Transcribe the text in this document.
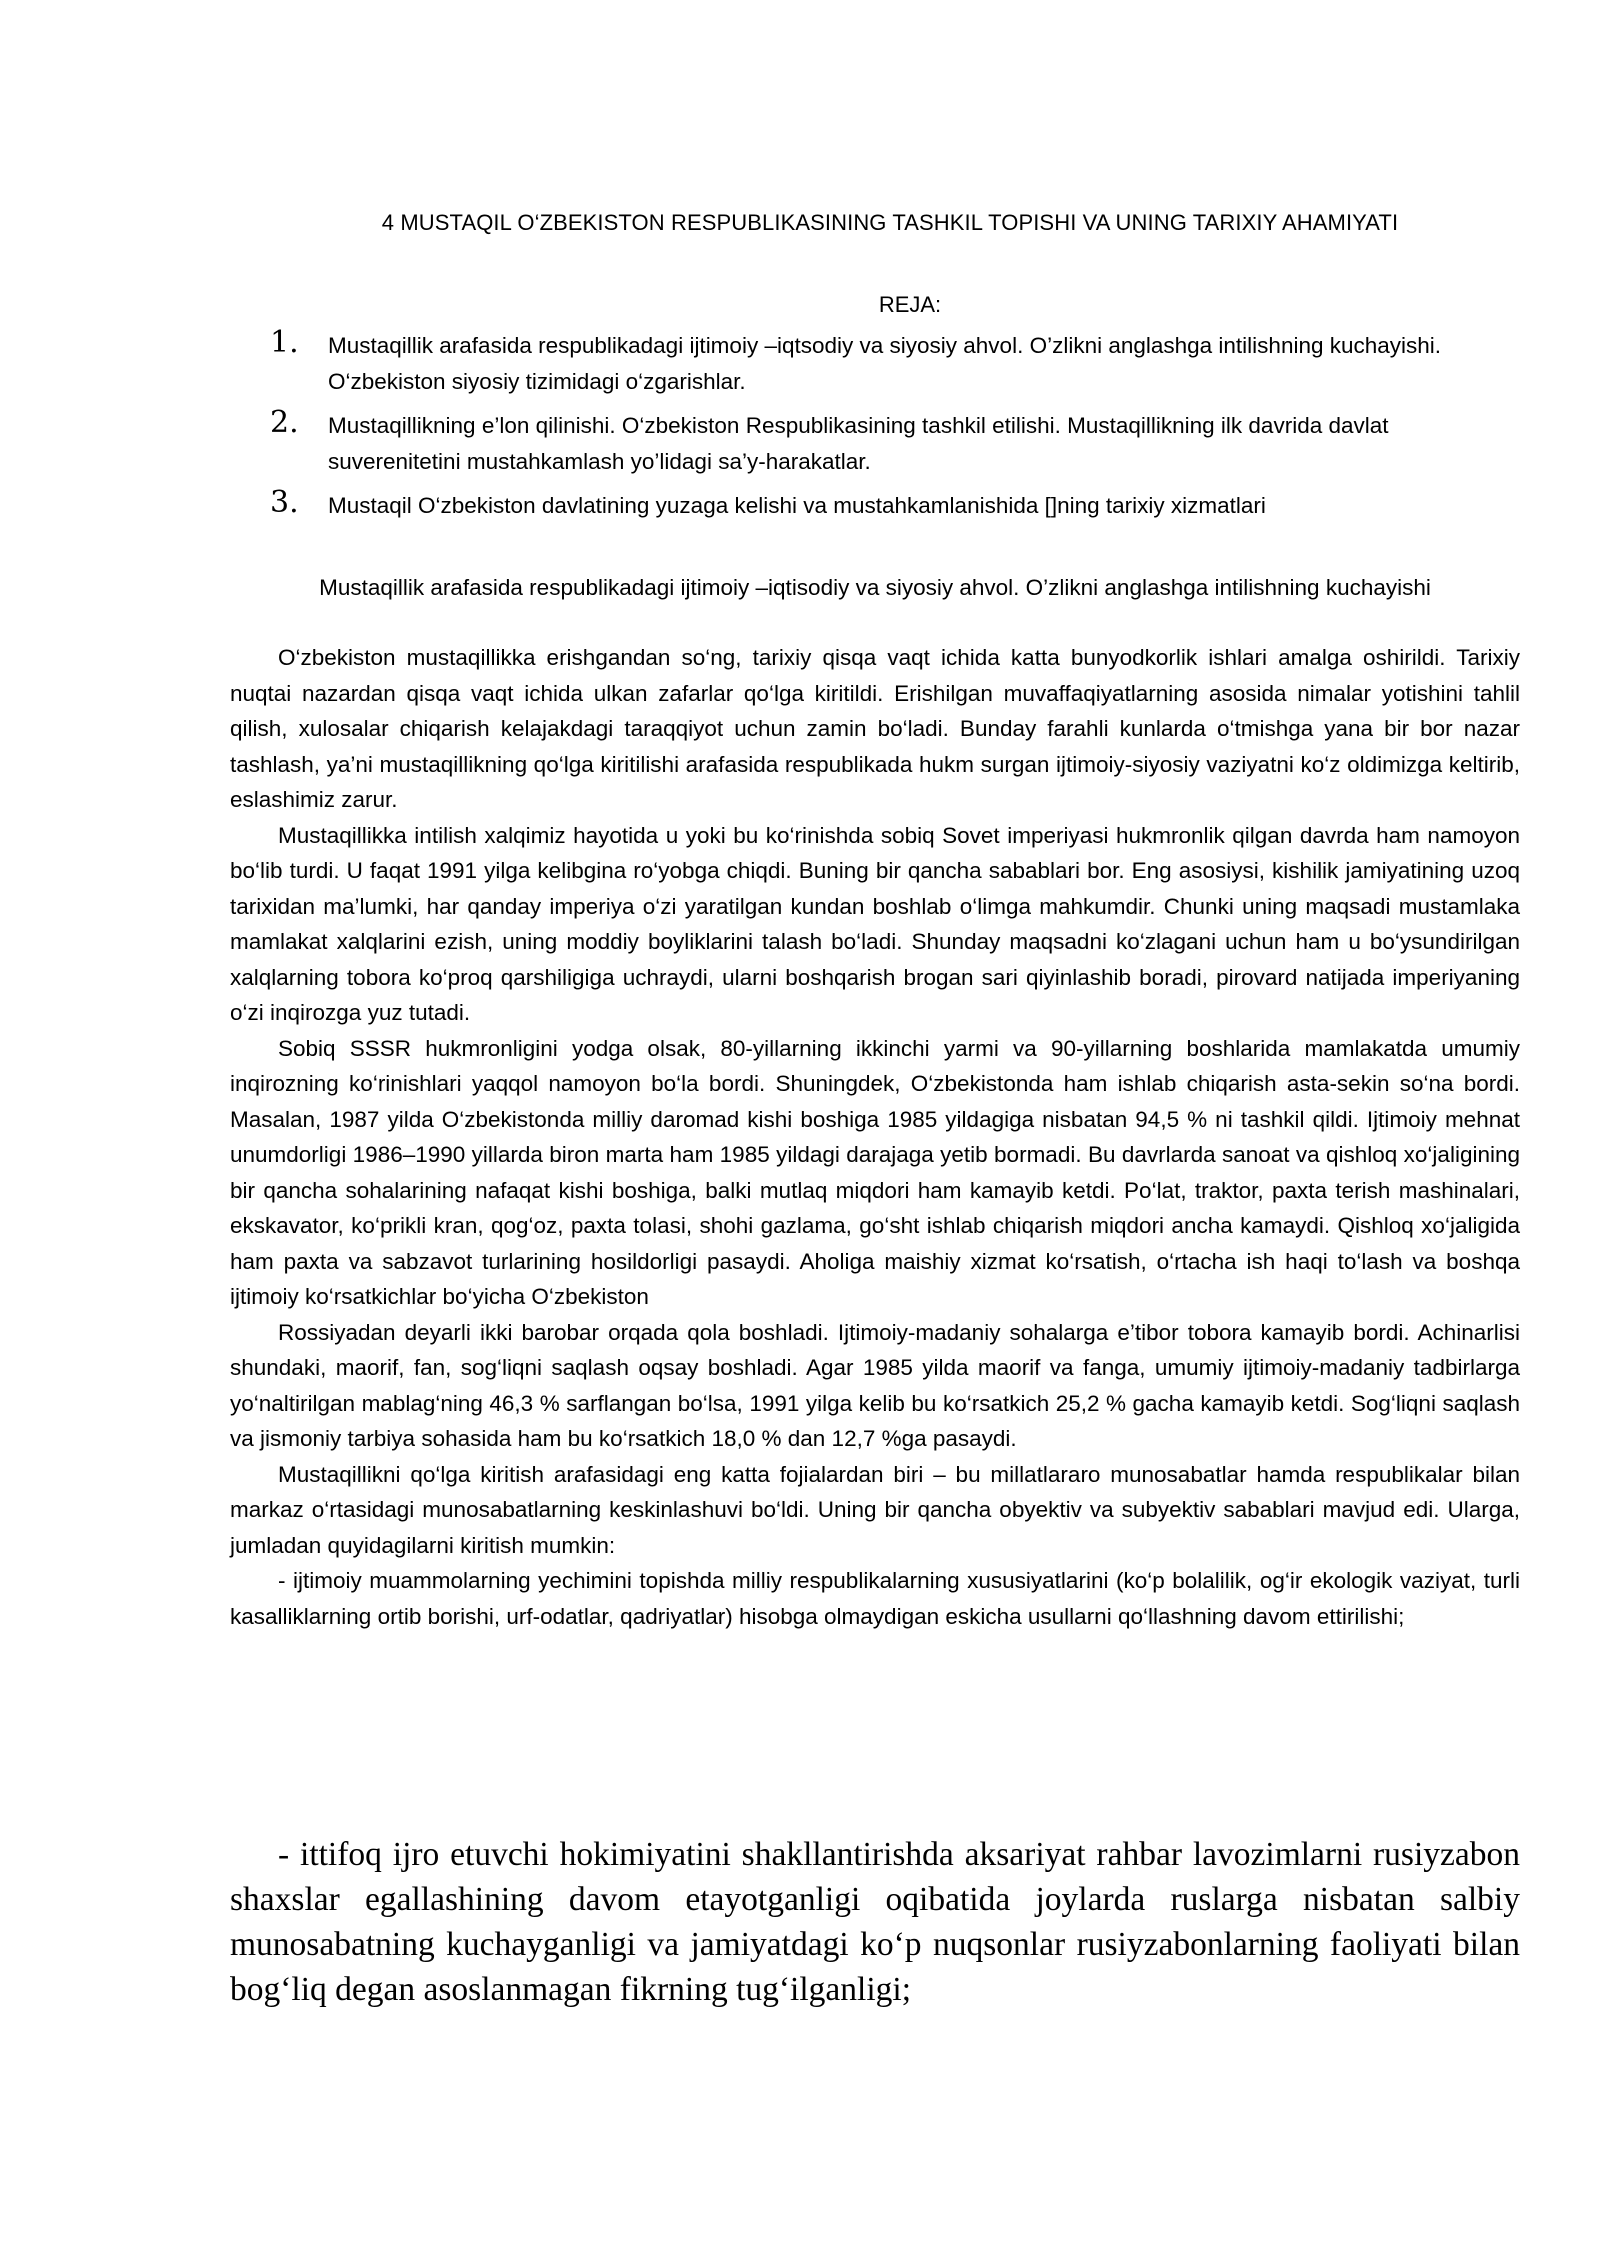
4 MUSTAQIL O‘ZBEKISTON RESPUBLIKASINING TASHKIL TOPISHI VA UNING TARIXIY AHAMIYATI
REJA:
1. Mustaqillik arafasida respublikadagi ijtimoiy –iqtsodiy va siyosiy ahvol. O’zlikni anglashga intilishning kuchayishi. O‘zbekiston siyosiy tizimidagi o‘zgarishlar.
2. Mustaqillikning e’lon qilinishi. O‘zbekiston Respublikasining tashkil etilishi. Mustaqillikning ilk davrida davlat suverenitetini mustahkamlash yo’lidagi sa’y-harakatlar.
3. Mustaqil O‘zbekiston davlatining yuzaga kelishi va mustahkamlanishida []ning tarixiy xizmatlari
Mustaqillik arafasida respublikadagi ijtimoiy –iqtisodiy va siyosiy ahvol. O’zlikni anglashga intilishning kuchayishi

O‘zbekiston mustaqillikka erishgandan so‘ng, tarixiy qisqa vaqt ichida katta bunyodkorlik ishlari amalga oshirildi. Tarixiy nuqtai nazardan qisqa vaqt ichida ulkan zafarlar qo‘lga kiritildi. Erishilgan muvaffaqiyatlarning asosida nimalar yotishini tahlil qilish, xulosalar chiqarish kelajakdagi taraqqiyot uchun zamin bo‘ladi. Bunday farahli kunlarda o‘tmishga yana bir bor nazar tashlash, ya’ni mustaqillikning qo‘lga kiritilishi arafasida respublikada hukm surgan ijtimoiy-siyosiy vaziyatni ko‘z oldimizga keltirib, eslashimiz zarur.

Mustaqillikka intilish xalqimiz hayotida u yoki bu ko‘rinishda sobiq Sovet imperiyasi hukmronlik qilgan davrda ham namoyon bo‘lib turdi. U faqat 1991 yilga kelibgina ro‘yobga chiqdi. Buning bir qancha sabablari bor. Eng asosiysi, kishilik jamiyatining uzoq tarixidan ma’lumki, har qanday imperiya o‘zi yaratilgan kundan boshlab o‘limga mahkumdir. Chunki uning maqsadi mustamlaka mamlakat xalqlarini ezish, uning moddiy boyliklarini talash bo‘ladi. Shunday maqsadni ko‘zlagani uchun ham u bo‘ysundirilgan xalqlarning tobora ko‘proq qarshiligiga uchraydi, ularni boshqarish brogan sari qiyinlashib boradi, pirovard natijada imperiyaning o‘zi inqirozga yuz tutadi.

Sobiq SSSR hukmronligini yodga olsak, 80-yillarning ikkinchi yarmi va 90-yillarning boshlarida mamlakatda umumiy inqirozning ko‘rinishlari yaqqol namoyon bo‘la bordi. Shuningdek, O‘zbekistonda ham ishlab chiqarish asta-sekin so‘na bordi. Masalan, 1987 yilda O‘zbekistonda milliy daromad kishi boshiga 1985 yildagiga nisbatan 94,5 % ni tashkil qildi. Ijtimoiy mehnat unumdorligi 1986–1990 yillarda biron marta ham 1985 yildagi darajaga yetib bormadi. Bu davrlarda sanoat va qishloq xo‘jaligining bir qancha sohalarining nafaqat kishi boshiga, balki mutlaq miqdori ham kamayib ketdi. Po‘lat, traktor, paxta terish mashinalari, ekskavator, ko‘prikli kran, qog‘oz, paxta tolasi, shohi gazlama, go‘sht ishlab chiqarish miqdori ancha kamaydi. Qishloq xo‘jaligida ham paxta va sabzavot turlarining hosildorligi pasaydi. Aholiga maishiy xizmat ko‘rsatish, o‘rtacha ish haqi to‘lash va boshqa ijtimoiy ko‘rsatkichlar bo‘yicha O‘zbekiston

Rossiyadan deyarli ikki barobar orqada qola boshladi. Ijtimoiy-madaniy sohalarga e’tibor tobora kamayib bordi. Achinarlisi shundaki, maorif, fan, sog‘liqni saqlash oqsay boshladi. Agar 1985 yilda maorif va fanga, umumiy ijtimoiy-madaniy tadbirlarga yo‘naltirilgan mablag‘ning 46,3 % sarflangan bo‘lsa, 1991 yilga kelib bu ko‘rsatkich 25,2 % gacha kamayib ketdi. Sog‘liqni saqlash va jismoniy tarbiya sohasida ham bu ko‘rsatkich 18,0 % dan 12,7 %ga pasaydi.

Mustaqillikni qo‘lga kiritish arafasidagi eng katta fojialardan biri – bu millatlararo munosabatlar hamda respublikalar bilan markaz o‘rtasidagi munosabatlarning keskinlashuvi bo‘ldi. Uning bir qancha obyektiv va subyektiv sabablari mavjud edi. Ularga, jumladan quyidagilarni kiritish mumkin:

- ijtimoiy muammolarning yechimini topishda milliy respublikalarning xususiyatlarini (ko‘p bolalilik, og‘ir ekologik vaziyat, turli kasalliklarning ortib borishi, urf-odatlar, qadriyatlar) hisobga olmaydigan eskicha usullarni qo‘llashning davom ettirilishi;

- ittifoq ijro etuvchi hokimiyatini shakllantirishda aksariyat rahbar lavozimlarni rusiyzabon shaxslar egallashining davom etayotganligi oqibatida joylarda ruslarga nisbatan salbiy munosabatning kuchayganligi va jamiyatdagi ko‘p nuqsonlar rusiyzabonlarning faoliyati bilan bog‘liq degan asoslanmagan fikrning tug‘ilganligi;
